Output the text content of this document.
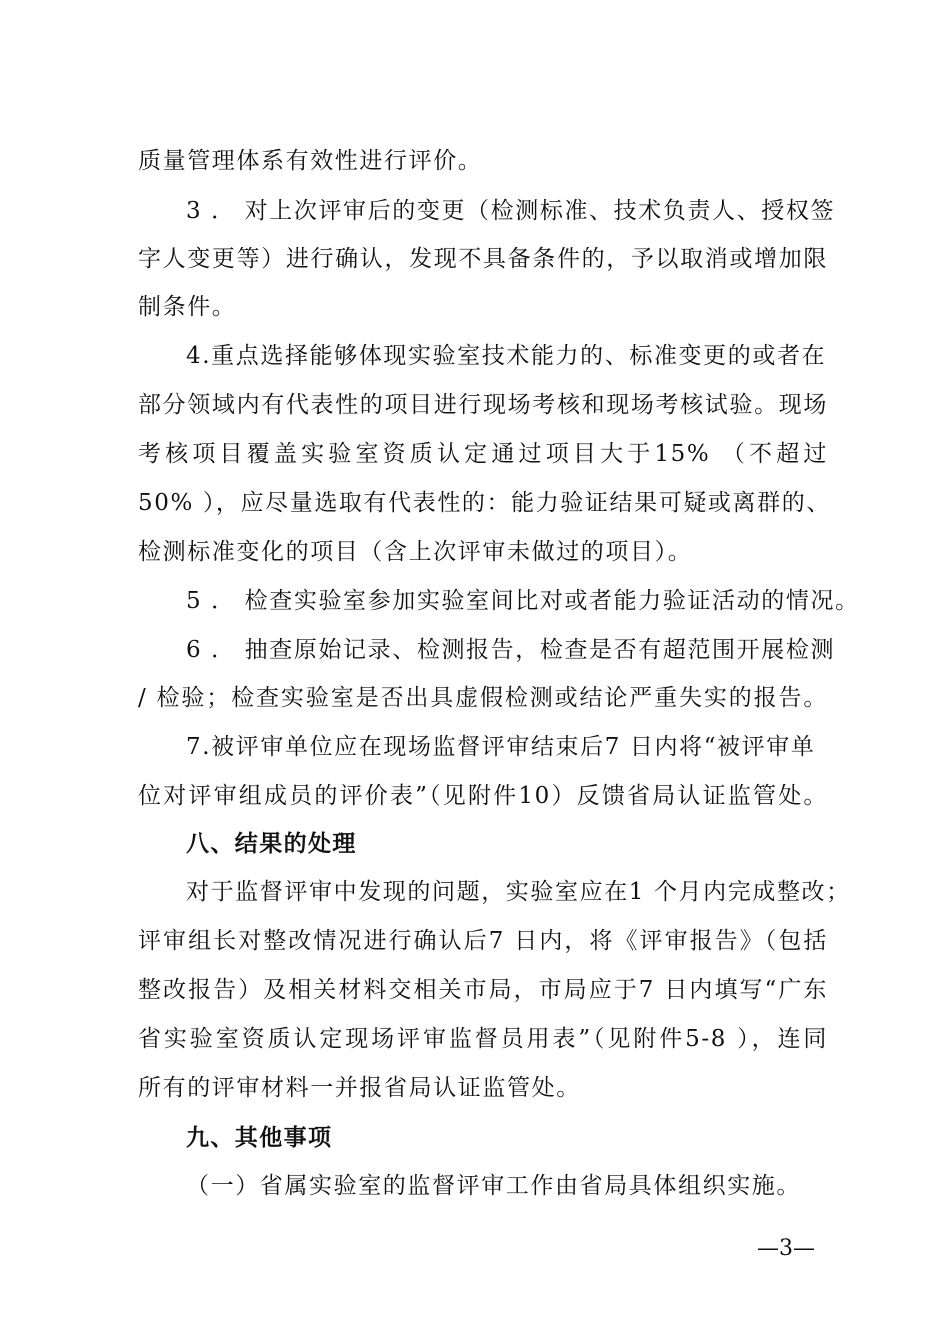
质量管理体系有效性进行评价。
3 ． 对上次评审后的变更（检测标准、技术负责人、授权签
字人变更等）进行确认，发现不具备条件的，予以取消或增加限
制条件。
4.重点选择能够体现实验室技术能力的、标准变更的或者在
部分领域内有代表性的项目进行现场考核和现场考核试验。现场
考核项目覆盖实验室资质认定通过项目大于15% （不超过
50% ），应尽量选取有代表性的：能力验证结果可疑或离群的、
检测标准变化的项目（含上次评审未做过的项目）。
5 ． 检查实验室参加实验室间比对或者能力验证活动的情况。
6 ． 抽查原始记录、检测报告，检查是否有超范围开展检测
/ 检验；检查实验室是否出具虚假检测或结论严重失实的报告。
7.被评审单位应在现场监督评审结束后7 日内将“被评审单
位对评审组成员的评价表”（见附件10）反馈省局认证监管处。
八、结果的处理
对于监督评审中发现的问题，实验室应在1 个月内完成整改；
评审组长对整改情况进行确认后7 日内，将《评审报告》（包括
整改报告）及相关材料交相关市局，市局应于7 日内填写“广东
省实验室资质认定现场评审监督员用表”（见附件5-8 ），连同
所有的评审材料一并报省局认证监管处。
九、其他事项
（一）省属实验室的监督评审工作由省局具体组织实施。
—3—
